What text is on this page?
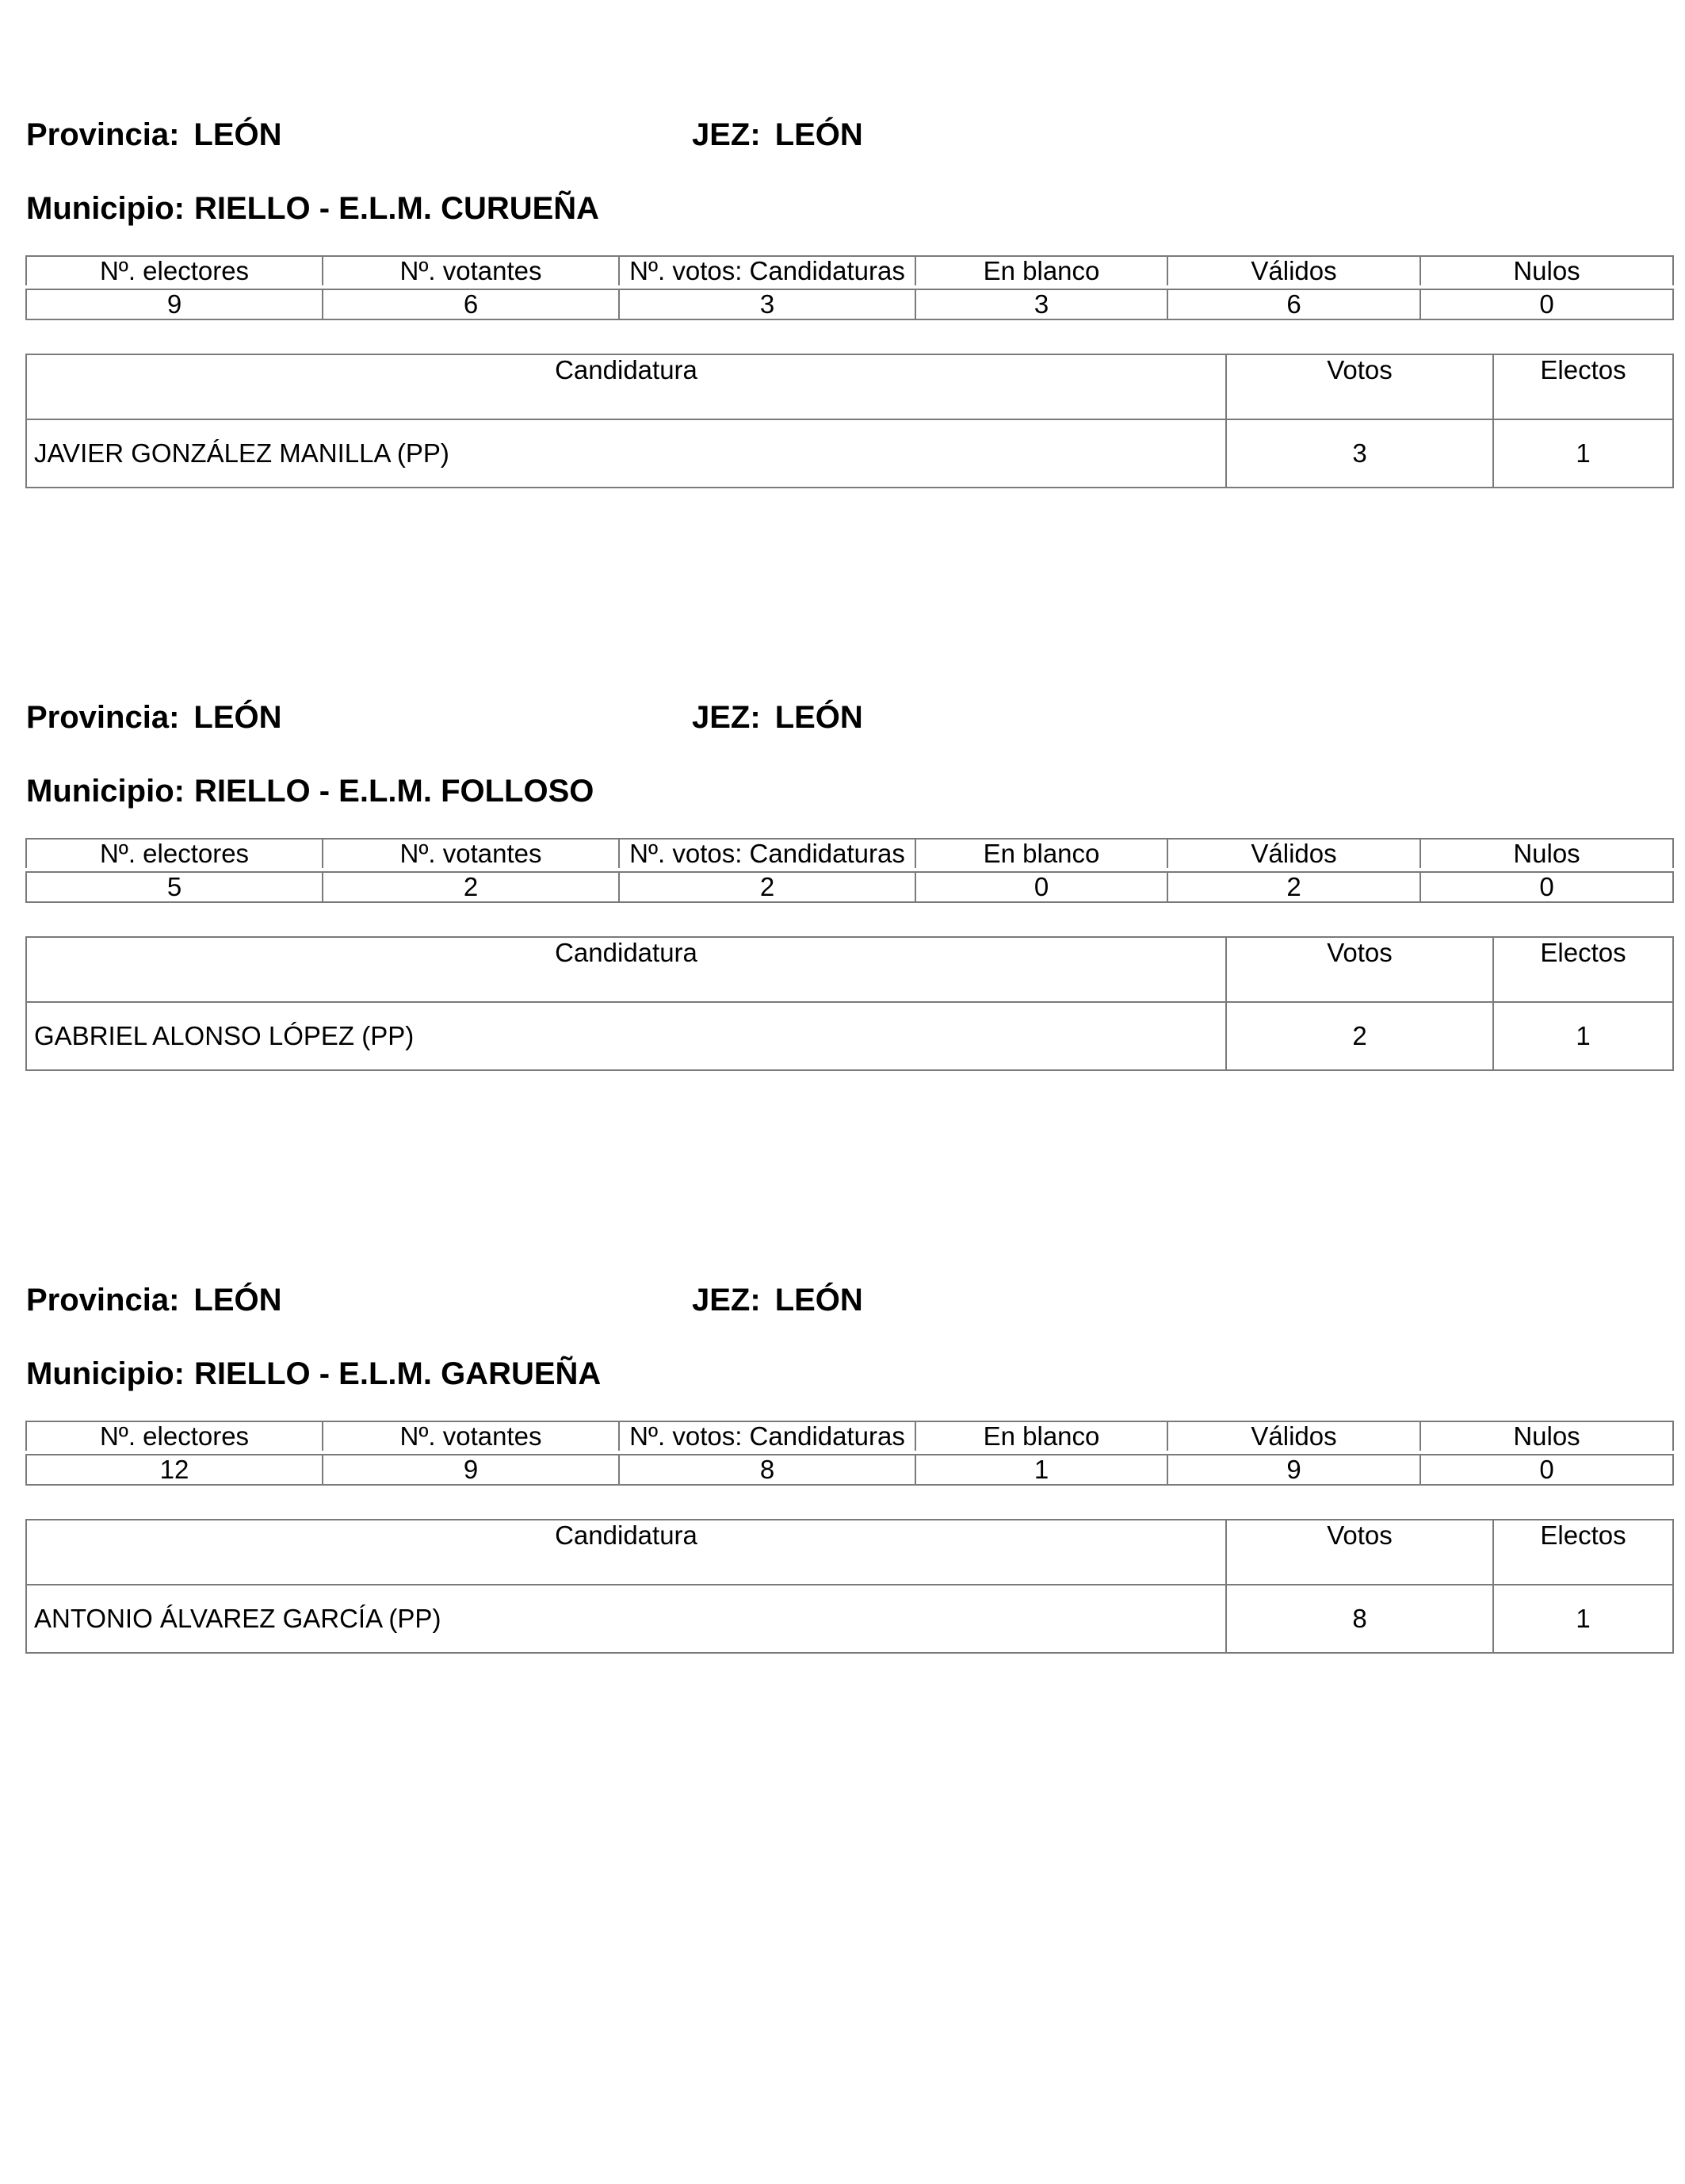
Provincia: LEÓN	JEZ: LEÓN
Municipio: RIELLO - E.L.M. CURUEÑA
Nº. electores	Nº. votantes	Nº. votos: Candidaturas	En blanco	Válidos	Nulos

9	6	3	3	6	0
Candidatura	Votos	Electos
JAVIER GONZÁLEZ MANILLA (PP)	3	1
Provincia: LEÓN	JEZ: LEÓN
Municipio: RIELLO - E.L.M. FOLLOSO
Nº. electores	Nº. votantes	Nº. votos: Candidaturas	En blanco	Válidos	Nulos

5	2	2	0	2	0
Candidatura	Votos	Electos
GABRIEL ALONSO LÓPEZ (PP)	2	1
Provincia: LEÓN	JEZ: LEÓN
Municipio: RIELLO - E.L.M. GARUEÑA
Nº. electores	Nº. votantes	Nº. votos: Candidaturas	En blanco	Válidos	Nulos

12	9	8	1	9	0
Candidatura	Votos	Electos
ANTONIO ÁLVAREZ GARCÍA (PP)	8	1
